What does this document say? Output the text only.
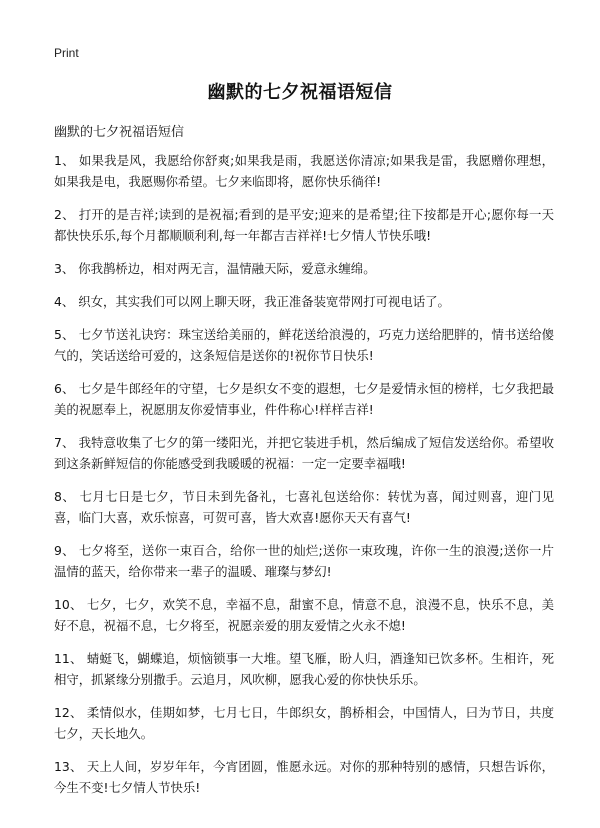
Print
幽默的七夕祝福语短信

幽默的七夕祝福语短信

1、 如果我是风，我愿给你舒爽;如果我是雨，我愿送你清凉;如果我是雷，我愿赠你理想，如果我是电，我愿赐你希望。七夕来临即将，愿你快乐徜徉!
2、 打开的是吉祥;读到的是祝福;看到的是平安;迎来的是希望;往下按都是开心;愿你每一天都快快乐乐,每个月都顺顺利利,每一年都吉吉祥祥!七夕情人节快乐哦!
3、 你我鹊桥边，相对两无言，温情融天际，爱意永缠绵。
4、 织女，其实我们可以网上聊天呀，我正准备装宽带网打可视电话了。
5、 七夕节送礼诀窍：珠宝送给美丽的，鲜花送给浪漫的，巧克力送给肥胖的，情书送给傻气的，笑话送给可爱的，这条短信是送你的!祝你节日快乐!
6、 七夕是牛郎经年的守望，七夕是织女不变的遐想，七夕是爱情永恒的榜样，七夕我把最美的祝愿奉上，祝愿朋友你爱情事业，件件称心!样样吉祥!
7、 我特意收集了七夕的第一缕阳光，并把它装进手机，然后编成了短信发送给你。希望收到这条新鲜短信的你能感受到我暖暖的祝福：一定一定要幸福哦!
8、 七月七日是七夕，节日未到先备礼，七喜礼包送给你：转忧为喜，闻过则喜，迎门见喜，临门大喜，欢乐惊喜，可贺可喜，皆大欢喜!愿你天天有喜气!
9、 七夕将至，送你一束百合，给你一世的灿烂;送你一束玫瑰，许你一生的浪漫;送你一片温情的蓝天，给你带来一辈子的温暖、璀璨与梦幻!
10、 七夕，七夕，欢笑不息，幸福不息，甜蜜不息，情意不息，浪漫不息，快乐不息，美好不息，祝福不息，七夕将至，祝愿亲爱的朋友爱情之火永不熄!
11、 蜻蜓飞，蝴蝶追，烦恼锁事一大堆。望飞雁，盼人归，酒逢知已饮多杯。生相许，死相守，抓紧缘分别撒手。云追月，风吹柳，愿我心爱的你快快乐乐。
12、 柔情似水，佳期如梦，七月七日，牛郎织女，鹊桥相会，中国情人，曰为节日，共度七夕，天长地久。
13、 天上人间，岁岁年年，今宵团圆，惟愿永远。对你的那种特别的感情，只想告诉你，今生不变!七夕情人节快乐!
